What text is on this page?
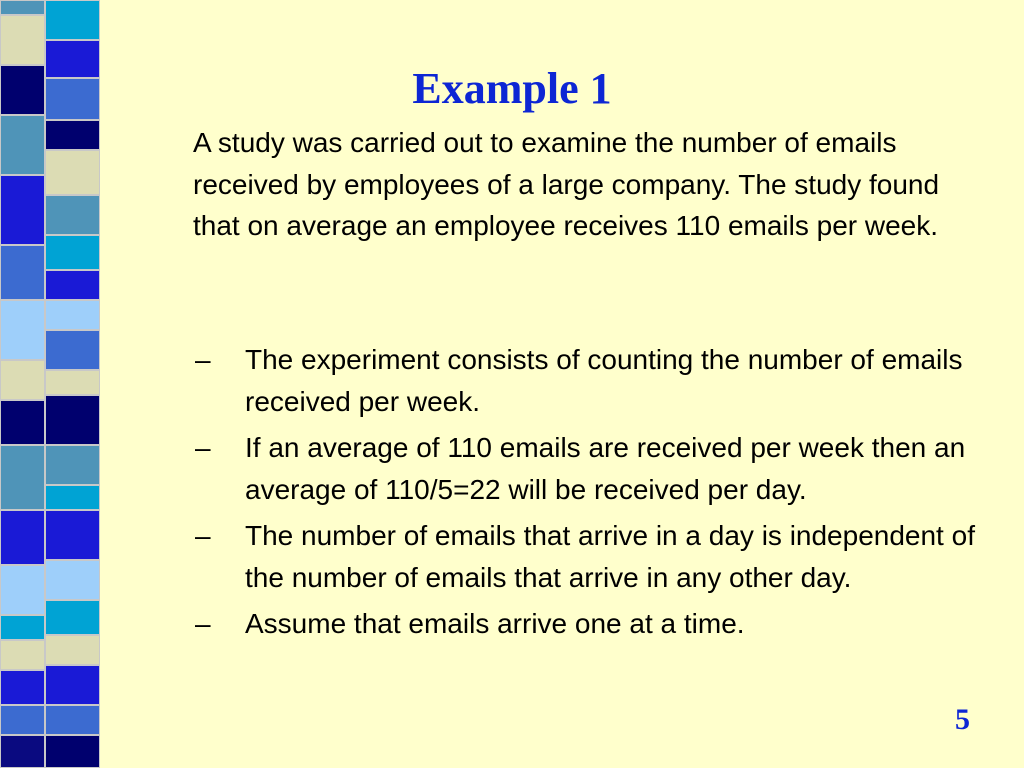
Example 1

A study was carried out to examine the number of emails received by employees of a large company. The study found that on average an employee receives 110 emails per week.

– The experiment consists of counting the number of emails received per week.
– If an average of 110 emails are received per week then an average of 110/5=22 will be received per day.
– The number of emails that arrive in a day is independent of the number of emails that arrive in any other day.
– Assume that emails arrive one at a time.
5
